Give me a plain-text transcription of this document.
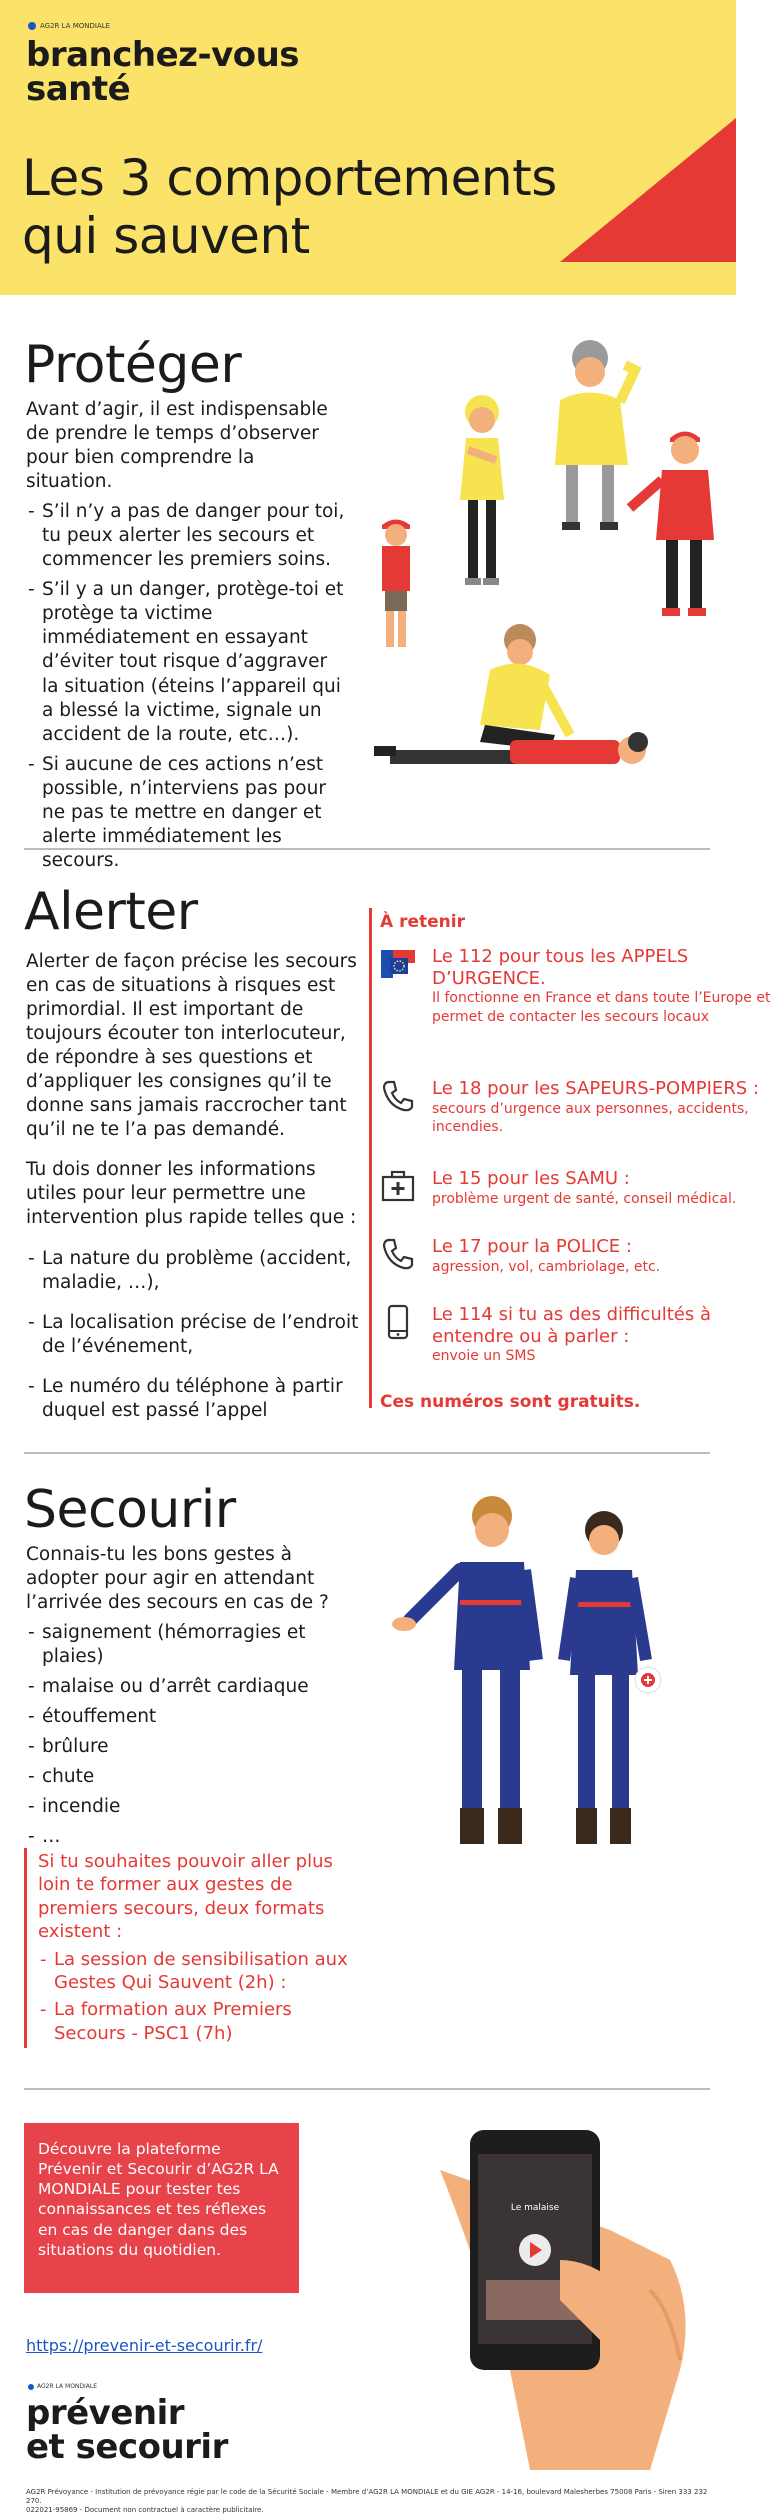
AG2R LA MONDIALE
branchez-vous
santé
Les 3 comportements
qui sauvent
Protéger
Avant d’agir, il est indispensable de prendre le temps d’observer pour bien comprendre la situation.
- S’il n’y a pas de danger pour toi, tu peux alerter les secours et commencer les premiers soins.
- S’il y a un danger, protège-toi et protège ta victime immédiatement en essayant d’éviter tout risque d’aggraver la situation (éteins l’appareil qui a blessé la victime, signale un accident de la route, etc…).
- Si aucune de ces actions n’est possible, n’interviens pas pour ne pas te mettre en danger et alerte immédiatement les secours.
Alerter
Alerter de façon précise les secours en cas de situations à risques est primordial. Il est important de toujours écouter ton interlocuteur, de répondre à ses questions et d’appliquer les consignes qu’il te donne sans jamais raccrocher tant qu’il ne te l’a pas demandé.
Tu dois donner les informations utiles pour leur permettre une intervention plus rapide telles que :
- La nature du problème (accident, maladie, …),
- La localisation précise de l’endroit de l’événement,
- Le numéro du téléphone à partir duquel est passé l’appel
À retenir
Le 112 pour tous les APPELS D’URGENCE.
Il fonctionne en France et dans toute l’Europe et permet de contacter les secours locaux
Le 18 pour les SAPEURS-POMPIERS :
secours d’urgence aux personnes, accidents, incendies.
Le 15 pour les SAMU :
problème urgent de santé, conseil médical.
Le 17 pour la POLICE :
agression, vol, cambriolage, etc.
Le 114 si tu as des difficultés à entendre ou à parler :
envoie un SMS
Ces numéros sont gratuits.
Secourir
Connais-tu les bons gestes à adopter pour agir en attendant l’arrivée des secours en cas de ?
- saignement (hémorragies et plaies)
- malaise ou d’arrêt cardiaque
- étouffement
- brûlure
- chute
- incendie
- …
Si tu souhaites pouvoir aller plus loin te former aux gestes de premiers secours, deux formats existent :
- La session de sensibilisation aux Gestes Qui Sauvent (2h) :
- La formation aux Premiers Secours - PSC1 (7h)
Découvre la plateforme Prévenir et Secourir d’AG2R LA MONDIALE pour tester tes connaissances et tes réflexes en cas de danger dans des situations du quotidien.
https://prevenir-et-secourir.fr/
AG2R LA MONDIALE
prévenir
et secourir
Le malaise
AG2R Prévoyance - Institution de prévoyance régie par le code de la Sécurité Sociale - Membre d’AG2R LA MONDIALE et du GIE AG2R - 14-16, boulevard Malesherbes 75008 Paris - Siren 333 232 270.
022021-95869 - Document non contractuel à caractère publicitaire.
